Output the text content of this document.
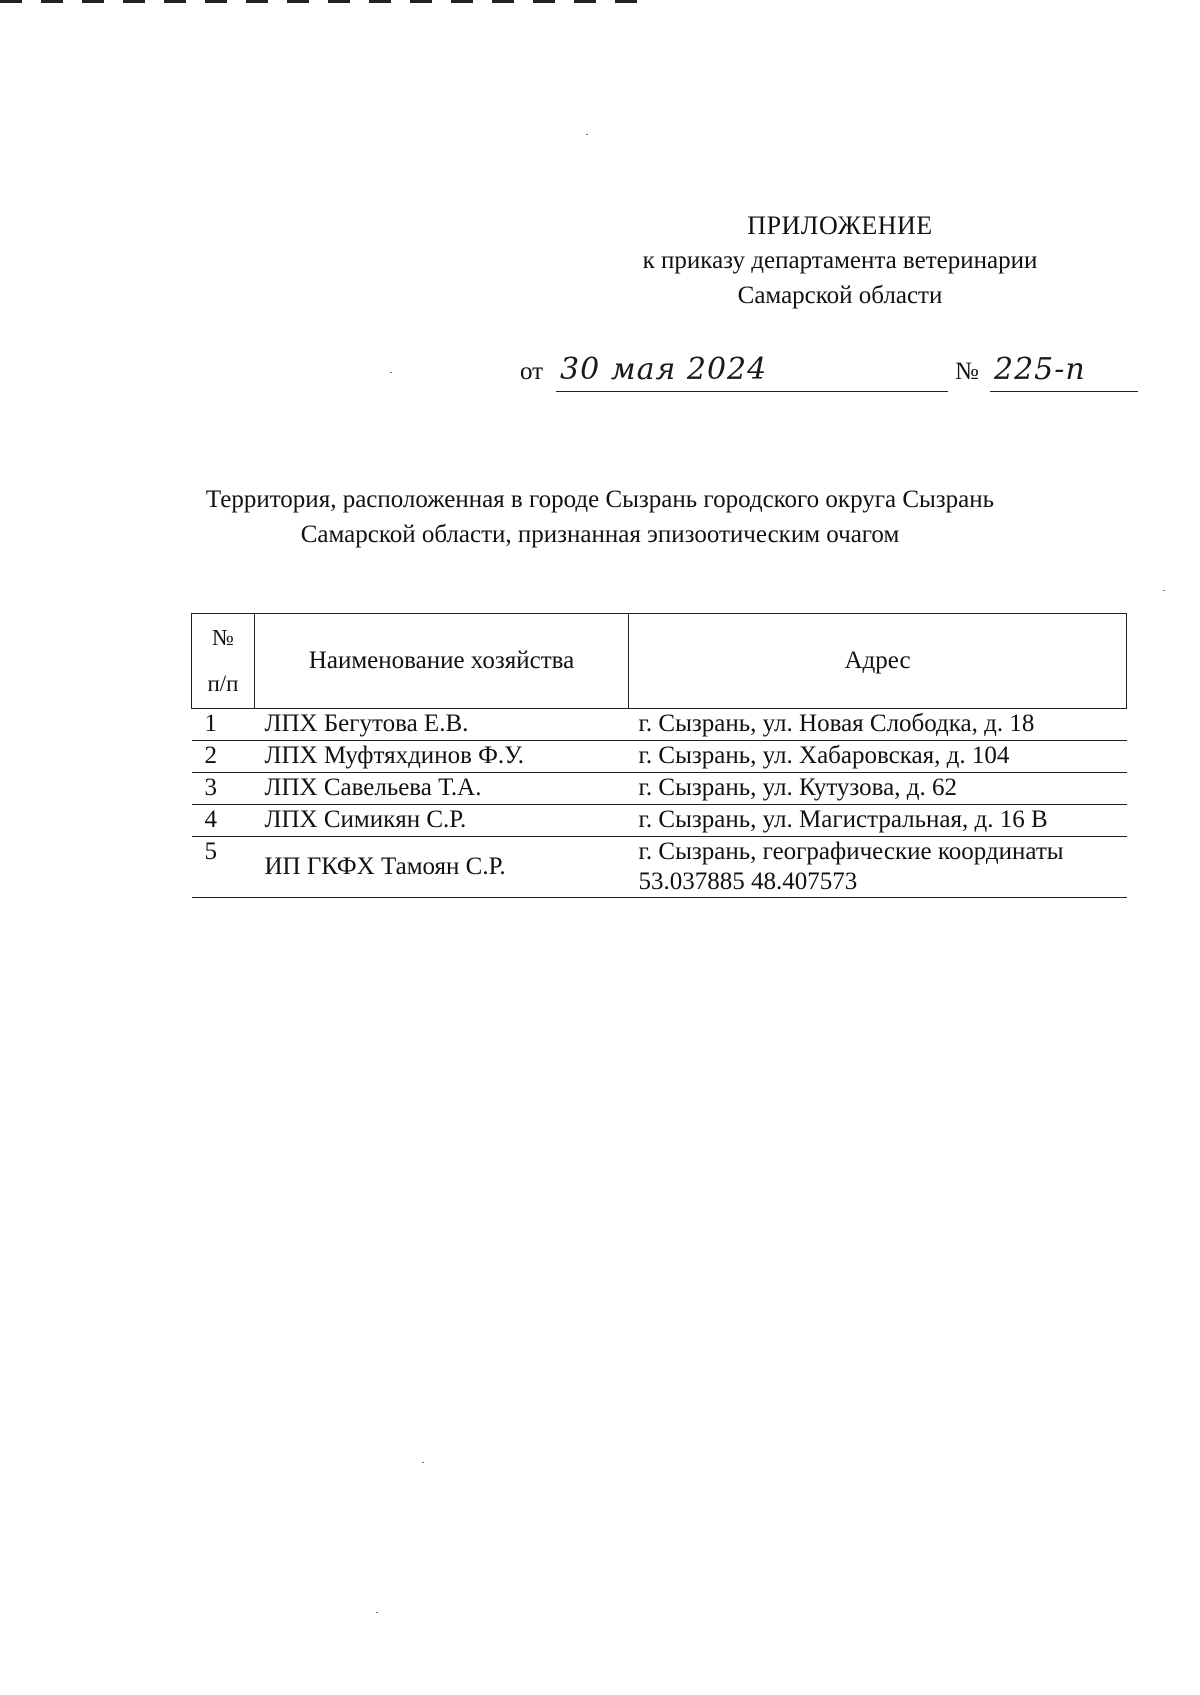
ПРИЛОЖЕНИЕ
к приказу департамента ветеринарии
Самарской области
от 30 мая 2024	№ 225-п
Территория, расположенная в городе Сызрань городского округа Сызрань
Самарской области, признанная эпизоотическим очагом
№
п/п	Наименование хозяйства	Адрес
1	ЛПХ Бегутова Е.В.	г. Сызрань, ул. Новая Слободка, д. 18
2	ЛПХ Муфтяхдинов Ф.У.	г. Сызрань, ул. Хабаровская, д. 104
3	ЛПХ Савельева Т.А.	г. Сызрань, ул. Кутузова, д. 62
4	ЛПХ Симикян С.Р.	г. Сызрань, ул. Магистральная, д. 16 В
5	ИП ГКФХ Тамоян С.Р.	г. Сызрань, географические координаты
53.037885 48.407573
